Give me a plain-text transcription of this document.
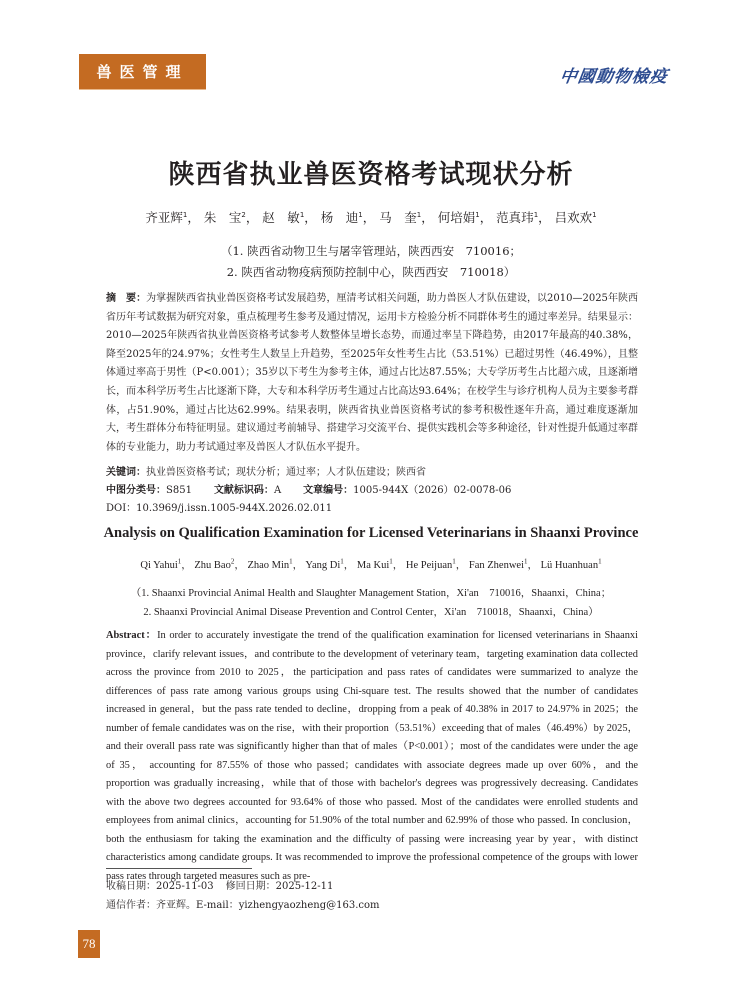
兽医管理	中國動物檢疫
陕西省执业兽医资格考试现状分析
齐亚辉$^1$， 朱　宝$^2$， 赵　敏$^1$， 杨　迪$^1$， 马　奎$^1$， 何培娟$^1$， 范真玮$^1$， 吕欢欢$^1$
（1. 陕西省动物卫生与屠宰管理站，陕西西安　710016；
2. 陕西省动物疫病预防控制中心，陕西西安　710018）
摘　要：为掌握陕西省执业兽医资格考试发展趋势，厘清考试相关问题，助力兽医人才队伍建设，以2010—2025年陕西省历年考试数据为研究对象，重点梳理考生参考及通过情况，运用卡方检验分析不同群体考生的通过率差异。结果显示：2010—2025年陕西省执业兽医资格考试参考人数整体呈增长态势，而通过率呈下降趋势，由2017年最高的40.38%，降至2025年的24.97%；女性考生人数呈上升趋势，至2025年女性考生占比（53.51%）已超过男性（46.49%），且整体通过率高于男性（P<0.001）；35岁以下考生为参考主体，通过占比达87.55%；大专学历考生占比超六成，且逐渐增长，而本科学历考生占比逐渐下降，大专和本科学历考生通过占比高达93.64%；在校学生与诊疗机构人员为主要参考群体，占51.90%，通过占比达62.99%。结果表明，陕西省执业兽医资格考试的参考积极性逐年升高，通过难度逐渐加大，考生群体分布特征明显。建议通过考前辅导、搭建学习交流平台、提供实践机会等多种途径，针对性提升低通过率群体的专业能力，助力考试通过率及兽医人才队伍水平提升。
关键词：执业兽医资格考试；现状分析；通过率；人才队伍建设；陕西省
中图分类号：S851 文献标识码：A 文章编号：1005-944X（2026）02-0078-06
DOI：10.3969/j.issn.1005-944X.2026.02.011
Analysis on Qualification Examination for Licensed Veterinarians in Shaanxi Province
Qi Yahui$^1$， Zhu Bao$^2$， Zhao Min$^1$， Yang Di$^1$， Ma Kui$^1$， He Peijuan$^1$， Fan Zhenwei$^1$， Lü Huanhuan$^1$
（1. Shaanxi Provincial Animal Health and Slaughter Management Station，Xi'an　710016，Shaanxi，China；
2. Shaanxi Provincial Animal Disease Prevention and Control Center，Xi'an　710018，Shaanxi，China）
Abstract：In order to accurately investigate the trend of the qualification examination for licensed veterinarians in Shaanxi province，clarify relevant issues，and contribute to the development of veterinary team，targeting examination data collected across the province from 2010 to 2025，the participation and pass rates of candidates were summarized to analyze the differences of pass rate among various groups using Chi-square test. The results showed that the number of candidates increased in general，but the pass rate tended to decline，dropping from a peak of 40.38% in 2017 to 24.97% in 2025；the number of female candidates was on the rise，with their proportion（53.51%）exceeding that of males（46.49%）by 2025，and their overall pass rate was significantly higher than that of males（P<0.001）；most of the candidates were under the age of 35， accounting for 87.55% of those who passed；candidates with associate degrees made up over 60%，and the proportion was gradually increasing，while that of those with bachelor's degrees was progressively decreasing. Candidates with the above two degrees accounted for 93.64% of those who passed. Most of the candidates were enrolled students and employees from animal clinics，accounting for 51.90% of the total number and 62.99% of those who passed. In conclusion，both the enthusiasm for taking the examination and the difficulty of passing were increasing year by year，with distinct characteristics among candidate groups. It was recommended to improve the professional competence of the groups with lower pass rates through targeted measures such as pre-
收稿日期：2025-11-03 修回日期：2025-12-11
通信作者：齐亚辉。E-mail：yizhengyaozheng@163.com
78
